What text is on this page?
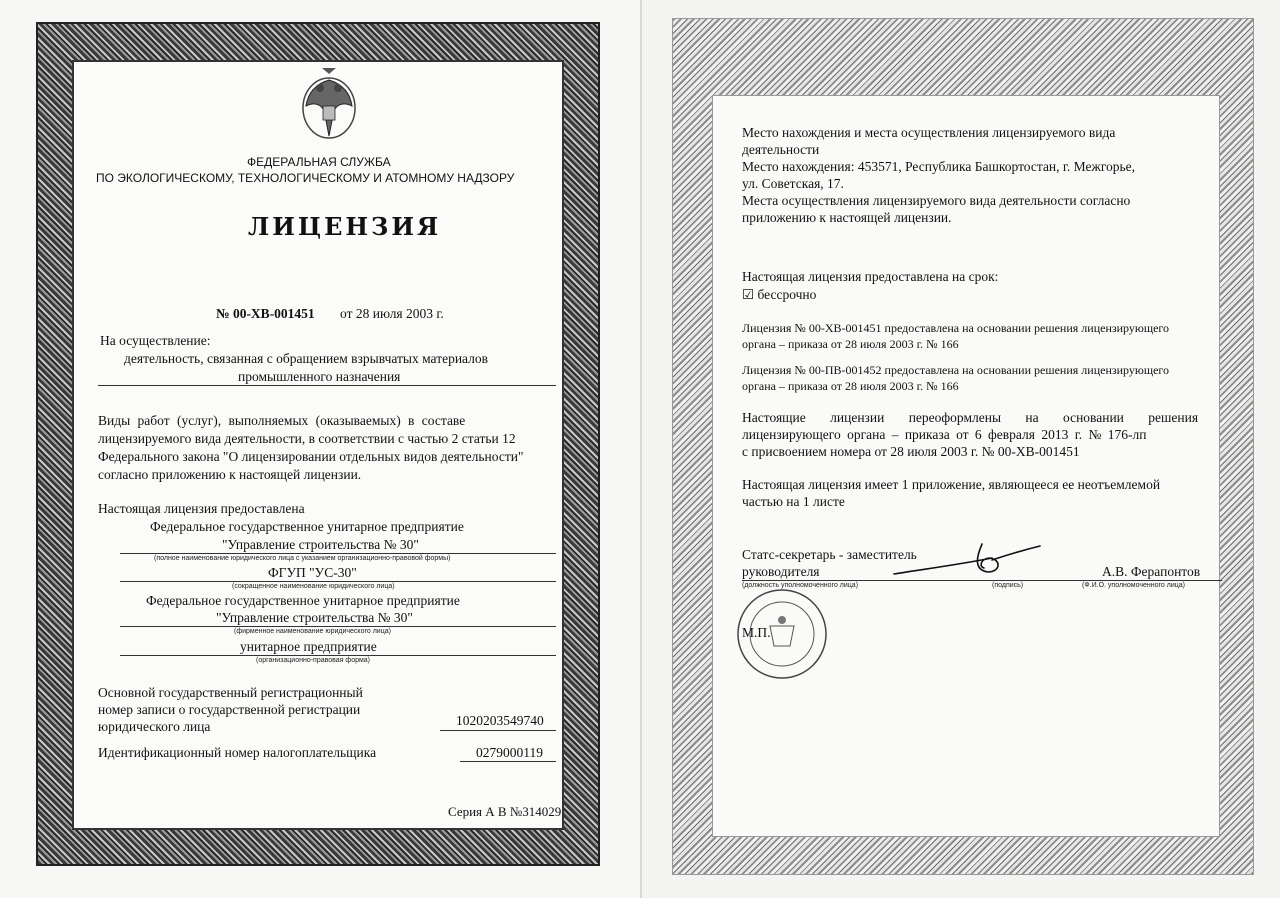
ФЕДЕРАЛЬНАЯ СЛУЖБА
ПО ЭКОЛОГИЧЕСКОМУ, ТЕХНОЛОГИЧЕСКОМУ И АТОМНОМУ НАДЗОРУ
ЛИЦЕНЗИЯ
№ 00-ХВ-001451 от 28 июля 2003 г.
На осуществление:
деятельность, связанная с обращением взрывчатых материалов
промышленного назначения
Виды работ (услуг), выполняемых (оказываемых) в составе
лицензируемого вида деятельности, в соответствии с частью 2 статьи 12
Федерального закона "О лицензировании отдельных видов деятельности"
согласно приложению к настоящей лицензии.
Настоящая лицензия предоставлена
Федеральное государственное унитарное предприятие
"Управление строительства № 30"
(полное наименование юридического лица с указанием организационно-правовой формы)
ФГУП "УС-30"
(сокращенное наименование юридического лица)
Федеральное государственное унитарное предприятие
"Управление строительства № 30"
(фирменное наименование юридического лица)
унитарное предприятие
(организационно-правовая форма)
Основной государственный регистрационный
номер записи о государственной регистрации
юридического лица	1020203549740
Идентификационный номер налогоплательщика	0279000119
Серия А В №314029
Место нахождения и места осуществления лицензируемого вида
деятельности
Место нахождения: 453571, Республика Башкортостан, г. Межгорье,
ул. Советская, 17.
Места осуществления лицензируемого вида деятельности согласно
приложению к настоящей лицензии.
Настоящая лицензия предоставлена на срок:
☑ бессрочно
Лицензия № 00-ХВ-001451 предоставлена на основании решения лицензирующего
органа – приказа от 28 июля 2003 г. № 166
Лицензия № 00-ПВ-001452 предоставлена на основании решения лицензирующего
органа – приказа от 28 июля 2003 г. № 166
Настоящие лицензии переоформлены на основании решения
лицензирующего органа – приказа от 6 февраля 2013 г. № 176-лп
с присвоением номера от 28 июля 2003 г. № 00-ХВ-001451
Настоящая лицензия имеет 1 приложение, являющееся ее неотъемлемой
частью на 1 листе
Статс-секретарь - заместитель
руководителя	А.В. Ферапонтов
(должность уполномоченного лица)	(подпись)	(Ф.И.О. уполномоченного лица)
М.П.
